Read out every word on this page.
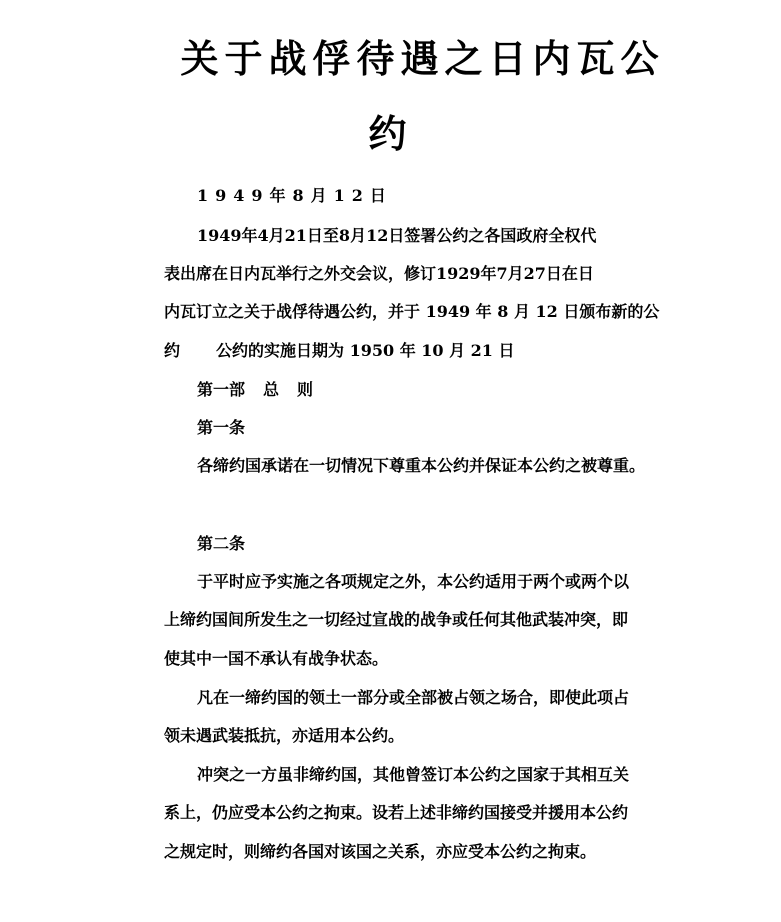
关于战俘待遇之日内瓦公
约
1949年8月12日
1949年4月21日至8月12日签署公约之各国政府全权代
表出席在日内瓦举行之外交会议，修订1929年7月27日在日
内瓦订立之关于战俘待遇公约，并于 1949 年 8 月 12 日颁布新的公
约 公约的实施日期为 1950 年 10 月 21 日
第一部 总 则
第一条
各缔约国承诺在一切情况下尊重本公约并保证本公约之被尊重。
第二条
于平时应予实施之各项规定之外，本公约适用于两个或两个以
上缔约国间所发生之一切经过宣战的战争或任何其他武装冲突，即
使其中一国不承认有战争状态。
凡在一缔约国的领土一部分或全部被占领之场合，即使此项占
领未遇武装抵抗，亦适用本公约。
冲突之一方虽非缔约国，其他曾签订本公约之国家于其相互关
系上，仍应受本公约之拘束。设若上述非缔约国接受并援用本公约
之规定时，则缔约各国对该国之关系，亦应受本公约之拘束。
